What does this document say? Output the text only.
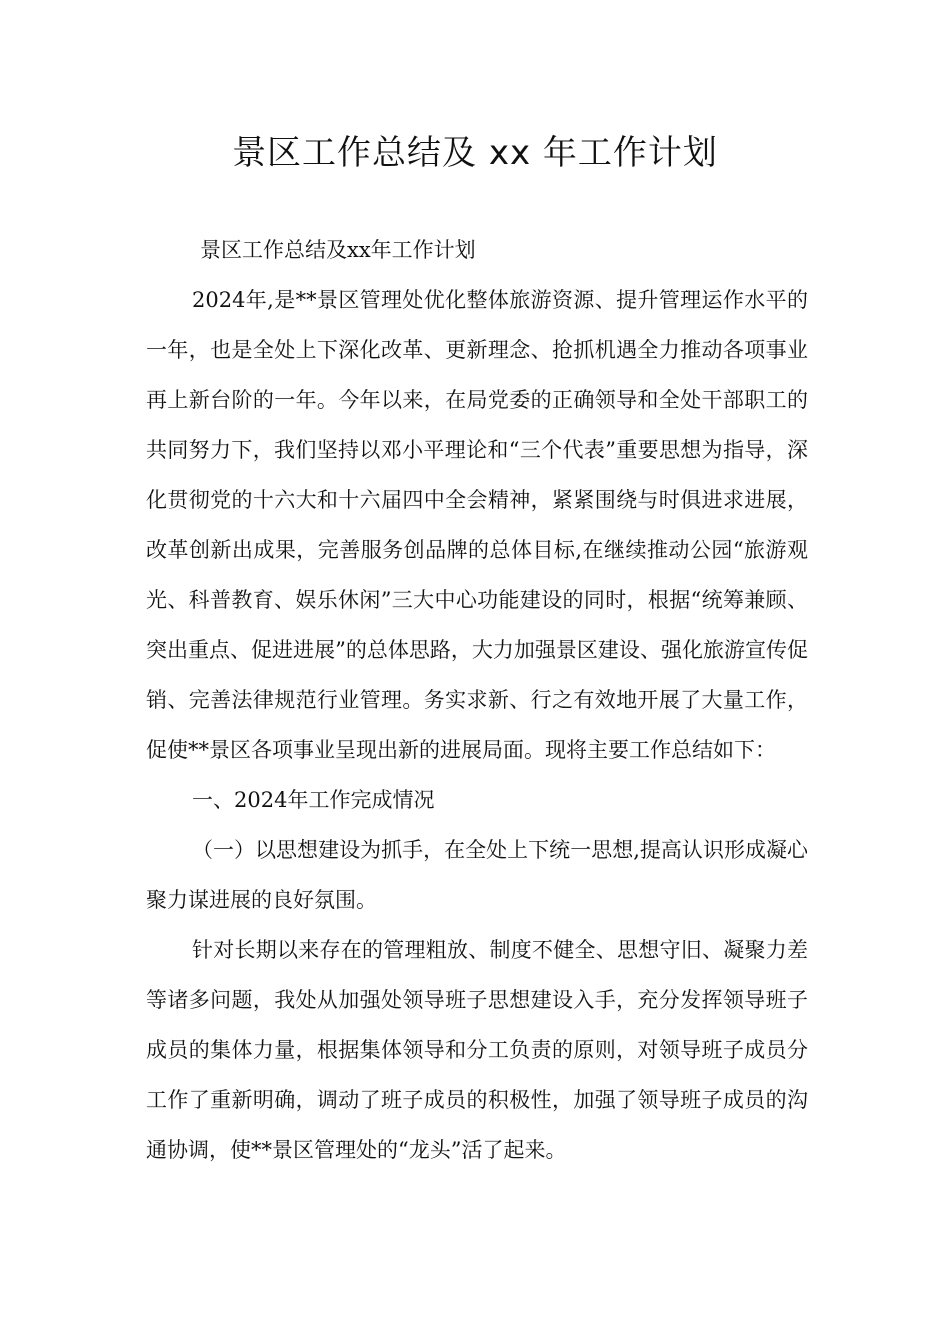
景区工作总结及 xx 年工作计划

景区工作总结及xx年工作计划

2024年,是**景区管理处优化整体旅游资源、提升管理运作水平的一年，也是全处上下深化改革、更新理念、抢抓机遇全力推动各项事业再上新台阶的一年。今年以来，在局党委的正确领导和全处干部职工的共同努力下，我们坚持以邓小平理论和“三个代表”重要思想为指导，深化贯彻党的十六大和十六届四中全会精神，紧紧围绕与时俱进求进展，改革创新出成果，完善服务创品牌的总体目标,在继续推动公园“旅游观光、科普教育、娱乐休闲”三大中心功能建设的同时，根据“统筹兼顾、突出重点、促进进展”的总体思路，大力加强景区建设、强化旅游宣传促销、完善法律规范行业管理。务实求新、行之有效地开展了大量工作，促使**景区各项事业呈现出新的进展局面。现将主要工作总结如下：

一、2024年工作完成情况

（一）以思想建设为抓手，在全处上下统一思想,提高认识形成凝心聚力谋进展的良好氛围。

针对长期以来存在的管理粗放、制度不健全、思想守旧、凝聚力差等诸多问题，我处从加强处领导班子思想建设入手，充分发挥领导班子成员的集体力量，根据集体领导和分工负责的原则，对领导班子成员分工作了重新明确，调动了班子成员的积极性，加强了领导班子成员的沟通协调，使**景区管理处的“龙头”活了起来。
